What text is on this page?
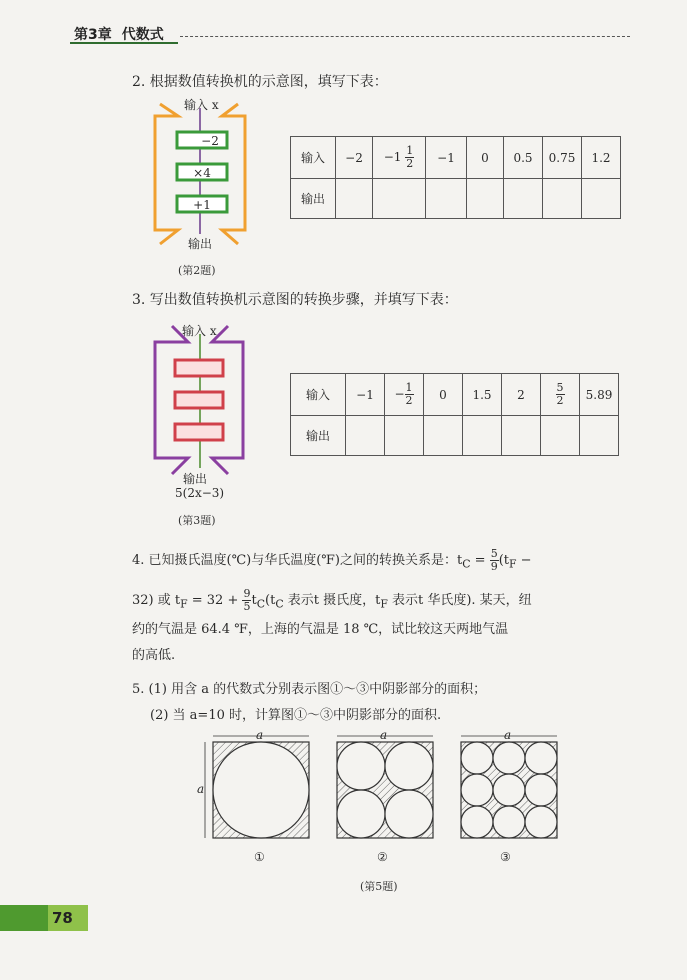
第3章 代数式
2. 根据数值转换机的示意图，填写下表：
输入 x
−2
×4
+1
输出
(第2题)
输入	−2	$-1 \frac{1}{2}$	−1	0	0.5	0.75	1.2
输出							
3. 写出数值转换机示意图的转换步骤，并填写下表：
输入 x
输出
5(2x−3)
(第3题)
输入	−1	− $\frac{1}{2}$	0	1.5	2	$\frac{5}{2}$	5.89
输出							
4. 已知摄氏温度(℃)与华氏温度(℉)之间的转换关系是：$t_C = \frac{5}{9} (t_F$ −
32) 或 $t_F = 32 + \frac{9}{5} t_C(t_C$ 表示t 摄氏度，$t_F$ 表示t 华氏度). 某天，纽
约的气温是 64.4 ℉，上海的气温是 18 ℃，试比较这天两地气温
的高低.
5. (1) 用含 a 的代数式分别表示图①～③中阴影部分的面积；
(2) 当 a=10 时，计算图①～③中阴影部分的面积.
a
a
a	a
①	②	③
(第5题)
78
